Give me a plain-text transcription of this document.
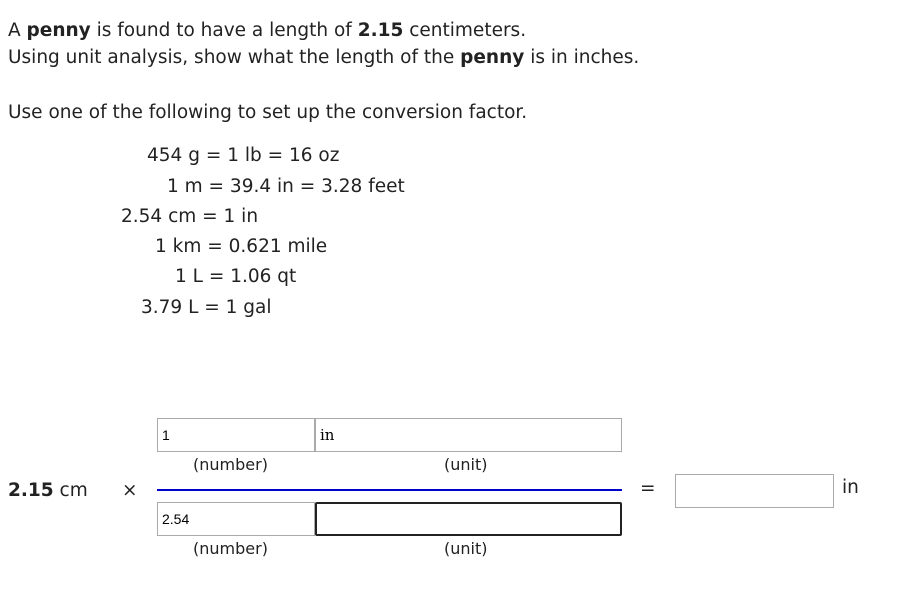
A penny is found to have a length of 2.15 centimeters.
Using unit analysis, show what the length of the penny is in inches.
Use one of the following to set up the conversion factor.
454 g = 1 lb = 16 oz
1 m = 39.4 in = 3.28 feet
2.54 cm = 1 in
1 km = 0.621 mile
1 L = 1.06 qt
3.79 L = 1 gal
2.15 cm ×
1
in
(number)	(unit)
2.54
(number)	(unit)
=	in
